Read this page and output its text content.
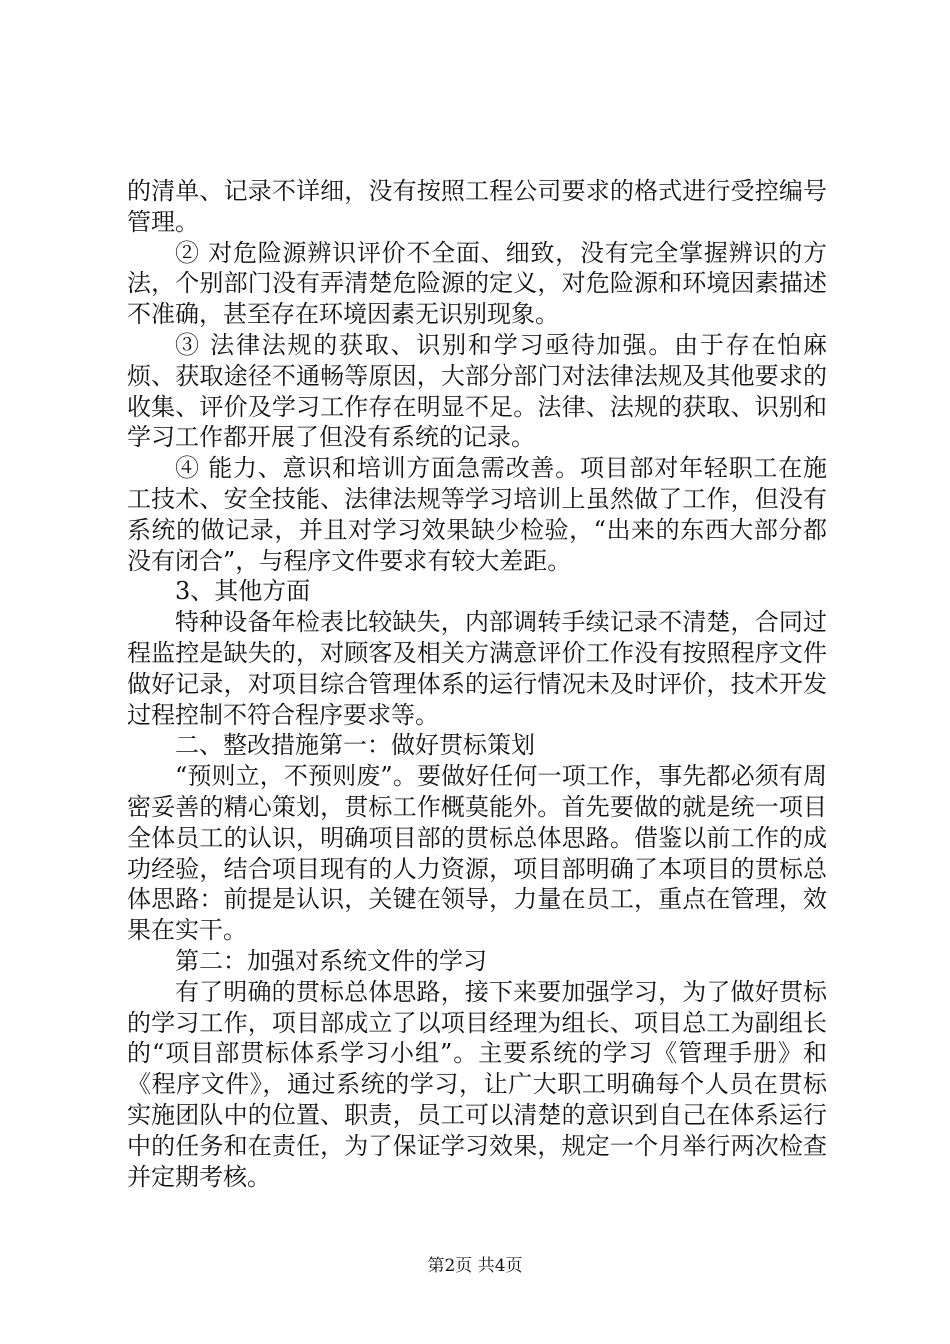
的清单、记录不详细，没有按照工程公司要求的格式进行受控编号管理。

② 对危险源辨识评价不全面、细致，没有完全掌握辨识的方法，个别部门没有弄清楚危险源的定义，对危险源和环境因素描述不准确，甚至存在环境因素无识别现象。

③ 法律法规的获取、识别和学习亟待加强。由于存在怕麻烦、获取途径不通畅等原因，大部分部门对法律法规及其他要求的收集、评价及学习工作存在明显不足。法律、法规的获取、识别和学习工作都开展了但没有系统的记录。

④ 能力、意识和培训方面急需改善。项目部对年轻职工在施工技术、安全技能、法律法规等学习培训上虽然做了工作，但没有系统的做记录，并且对学习效果缺少检验，“出来的东西大部分都没有闭合”，与程序文件要求有较大差距。

3、其他方面

特种设备年检表比较缺失，内部调转手续记录不清楚，合同过程监控是缺失的，对顾客及相关方满意评价工作没有按照程序文件做好记录，对项目综合管理体系的运行情况未及时评价，技术开发过程控制不符合程序要求等。

二、整改措施第一：做好贯标策划

“预则立，不预则废”。要做好任何一项工作，事先都必须有周密妥善的精心策划，贯标工作概莫能外。首先要做的就是统一项目全体员工的认识，明确项目部的贯标总体思路。借鉴以前工作的成功经验，结合项目现有的人力资源，项目部明确了本项目的贯标总体思路：前提是认识，关键在领导，力量在员工，重点在管理，效果在实干。

第二：加强对系统文件的学习

有了明确的贯标总体思路，接下来要加强学习，为了做好贯标的学习工作，项目部成立了以项目经理为组长、项目总工为副组长的“项目部贯标体系学习小组”。主要系统的学习《管理手册》和《程序文件》，通过系统的学习，让广大职工明确每个人员在贯标实施团队中的位置、职责，员工可以清楚的意识到自己在体系运行中的任务和在责任，为了保证学习效果，规定一个月举行两次检查并定期考核。

第2页 共4页
